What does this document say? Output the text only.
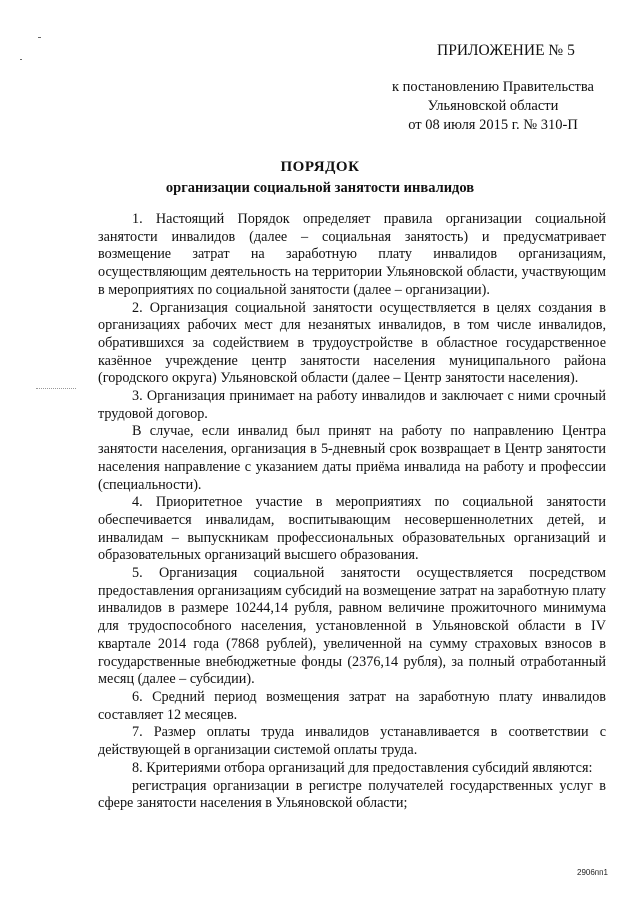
ПРИЛОЖЕНИЕ № 5
к постановлению Правительства
Ульяновской области
от 08 июля 2015 г. № 310-П
ПОРЯДОК
организации социальной занятости инвалидов

1. Настоящий Порядок определяет правила организации социальной занятости инвалидов (далее – социальная занятость) и предусматривает возмещение затрат на заработную плату инвалидов организациям, осуществляющим деятельность на территории Ульяновской области, участвующим в мероприятиях по социальной занятости (далее – организации).

2. Организация социальной занятости осуществляется в целях создания в организациях рабочих мест для незанятых инвалидов, в том числе инвалидов, обратившихся за содействием в трудоустройстве в областное государственное казённое учреждение центр занятости населения муниципального района (городского округа) Ульяновской области (далее – Центр занятости населения).

3. Организация принимает на работу инвалидов и заключает с ними срочный трудовой договор.

В случае, если инвалид был принят на работу по направлению Центра занятости населения, организация в 5-дневный срок возвращает в Центр занятости населения направление с указанием даты приёма инвалида на работу и профессии (специальности).

4. Приоритетное участие в мероприятиях по социальной занятости обеспечивается инвалидам, воспитывающим несовершеннолетних детей, и инвалидам – выпускникам профессиональных образовательных организаций и образовательных организаций высшего образования.

5. Организация социальной занятости осуществляется посредством предоставления организациям субсидий на возмещение затрат на заработную плату инвалидов в размере 10244,14 рубля, равном величине прожиточного минимума для трудоспособного населения, установленной в Ульяновской области в IV квартале 2014 года (7868 рублей), увеличенной на сумму страховых взносов в государственные внебюджетные фонды (2376,14 рубля), за полный отработанный месяц (далее – субсидии).

6. Средний период возмещения затрат на заработную плату инвалидов составляет 12 месяцев.

7. Размер оплаты труда инвалидов устанавливается в соответствии с действующей в организации системой оплаты труда.

8. Критериями отбора организаций для предоставления субсидий являются:

регистрация организации в регистре получателей государственных услуг в сфере занятости населения в Ульяновской области;

2906пп1
